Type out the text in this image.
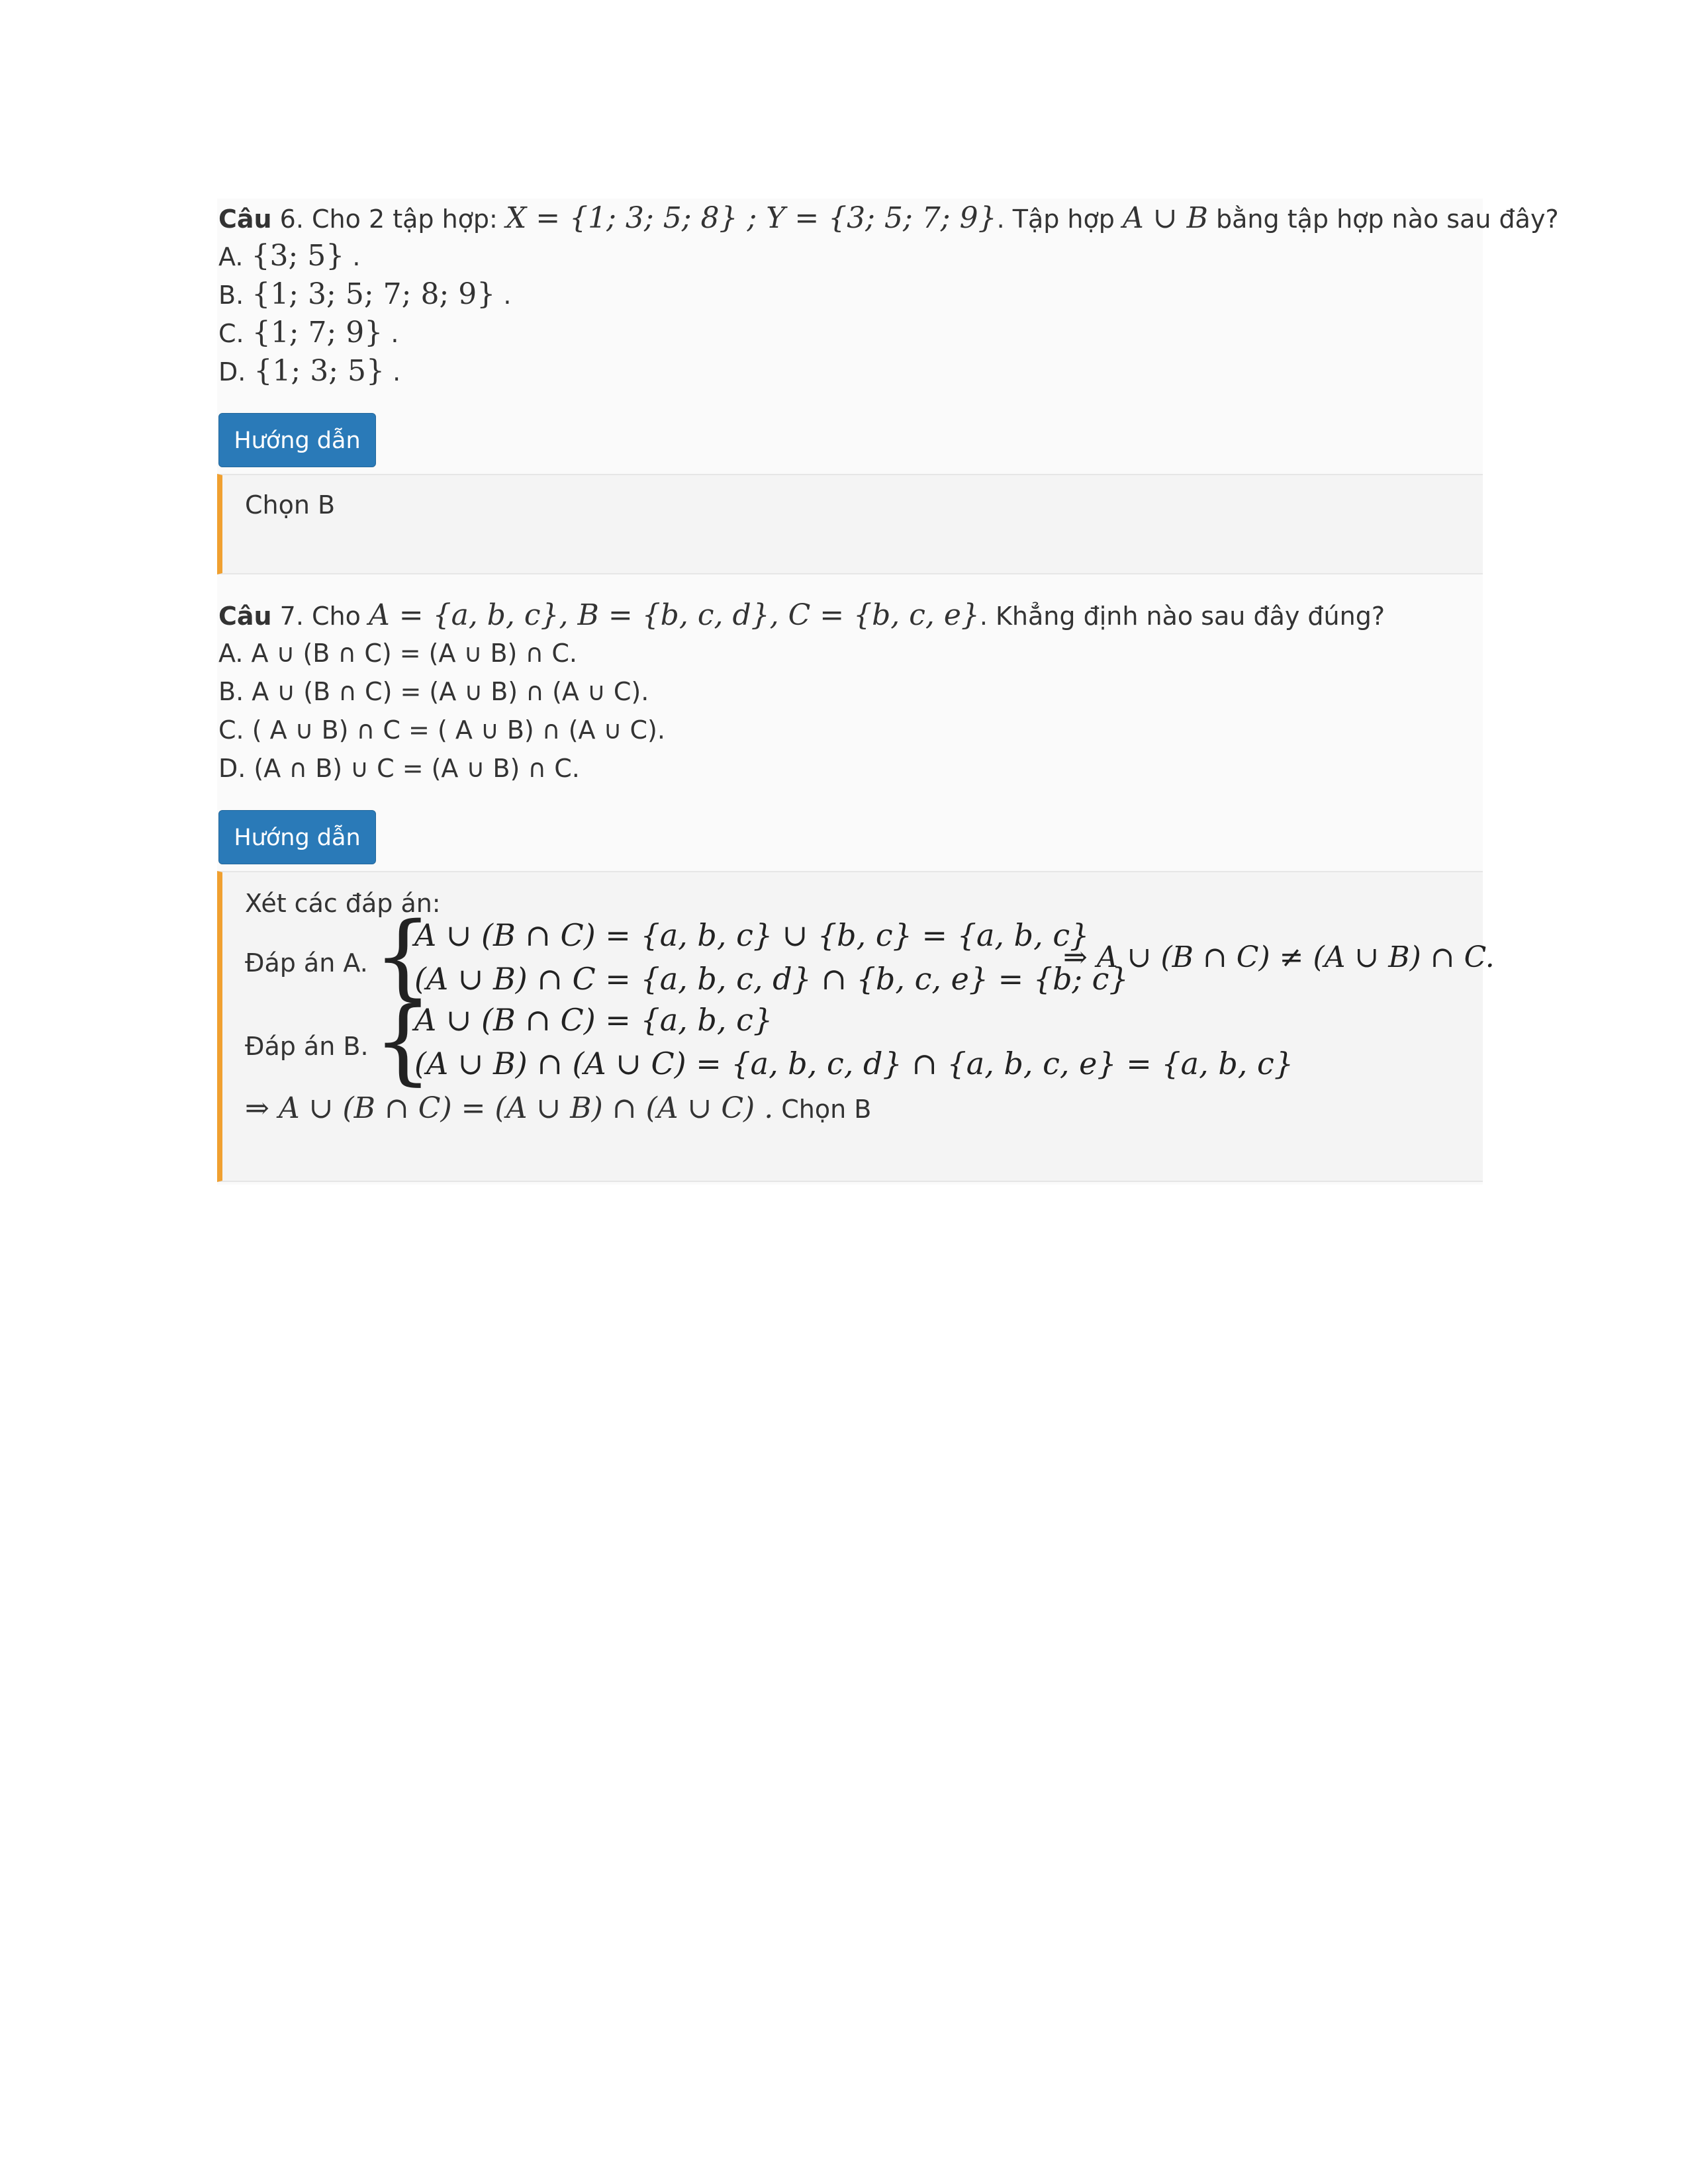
Câu 6. Cho 2 tập hợp: X = {1; 3; 5; 8} ; Y = {3; 5; 7; 9}. Tập hợp A ∪ B bằng tập hợp nào sau đây?
A. {3; 5} .
B. {1; 3; 5; 7; 8; 9} .
C. {1; 7; 9} .
D. {1; 3; 5} .
Hướng dẫn
Chọn B
Câu 7. Cho A = {a, b, c}, B = {b, c, d}, C = {b, c, e}. Khẳng định nào sau đây đúng?
A. A ∪ (B ∩ C) = (A ∪ B) ∩ C.
B. A ∪ (B ∩ C) = (A ∪ B) ∩ (A ∪ C).
C. ( A ∪ B) ∩ C = ( A ∪ B) ∩ (A ∪ C).
D. (A ∩ B) ∪ C = (A ∪ B) ∩ C.
Hướng dẫn
Xét các đáp án:
Đáp án A. {
A ∪ (B ∩ C) = {a, b, c} ∪ {b, c} = {a, b, c}
(A ∪ B) ∩ C = {a, b, c, d} ∩ {b, c, e} = {b; c}
⇒ A ∪ (B ∩ C) ≠ (A ∪ B) ∩ C.
Đáp án B. {
A ∪ (B ∩ C) = {a, b, c}
(A ∪ B) ∩ (A ∪ C) = {a, b, c, d} ∩ {a, b, c, e} = {a, b, c}
⇒ A ∪ (B ∩ C) = (A ∪ B) ∩ (A ∪ C) . Chọn B
